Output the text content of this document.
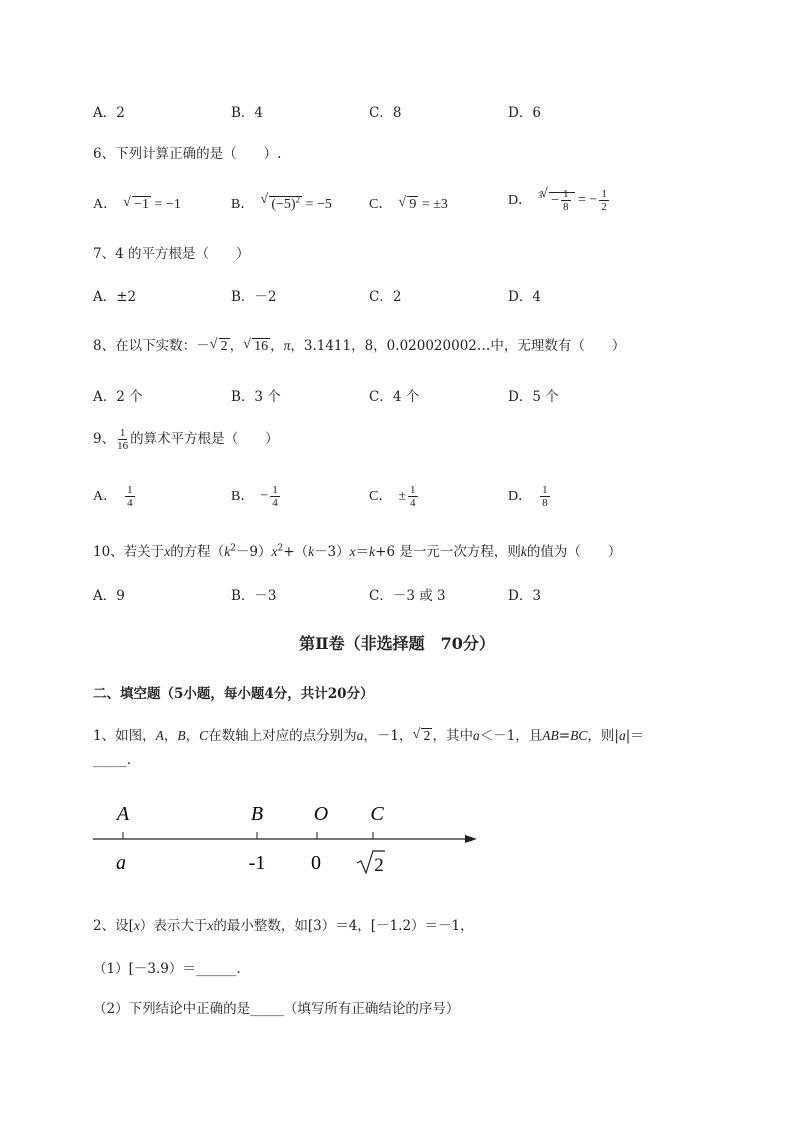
A．2	B．4	C．8	D．6
6、下列计算正确的是（　　）.
A．√ −1 = −1	B．√ $(-5)^2 = -5$	C．√ 9 = ±3	D． $^3√ - \frac{1}{8}$ = − $\frac{1}{2}$
7、4 的平方根是（　　）
A．±2	B．－2	C．2	D．4
8、在以下实数：－√ 2 ，√ 16 ，π，3.1411，8，0.020020002…中，无理数有（　　）
A．2 个	B．3 个	C．4 个	D．5 个
9、 $\frac{1}{16}$ 的算术平方根是（　　）
A． $\frac{1}{4}$	B． − $\frac{1}{4}$	C． ± $\frac{1}{4}$	D． $\frac{1}{8}$
10、若关于x的方程$(k^2-9)x^2+(k-3)x=k+6$ 是一元一次方程，则k的值为（　　）
A．9	B．－3	C．－3 或 3	D．3
第Ⅱ卷（非选择题　70分）
二、填空题（5小题，每小题4分，共计20分）
1、如图，A，B，C在数轴上对应的点分别为a，－1，√ 2 ，其中a＜－1，且AB=BC，则|a|＝
_____.
A	B	O C
a	-1 0	2
2、设[x）表示大于x的最小整数，如[3）＝4，[－1.2）＝－1，
（1）[－3.9）＝______.
（2）下列结论中正确的是_____（填写所有正确结论的序号）
